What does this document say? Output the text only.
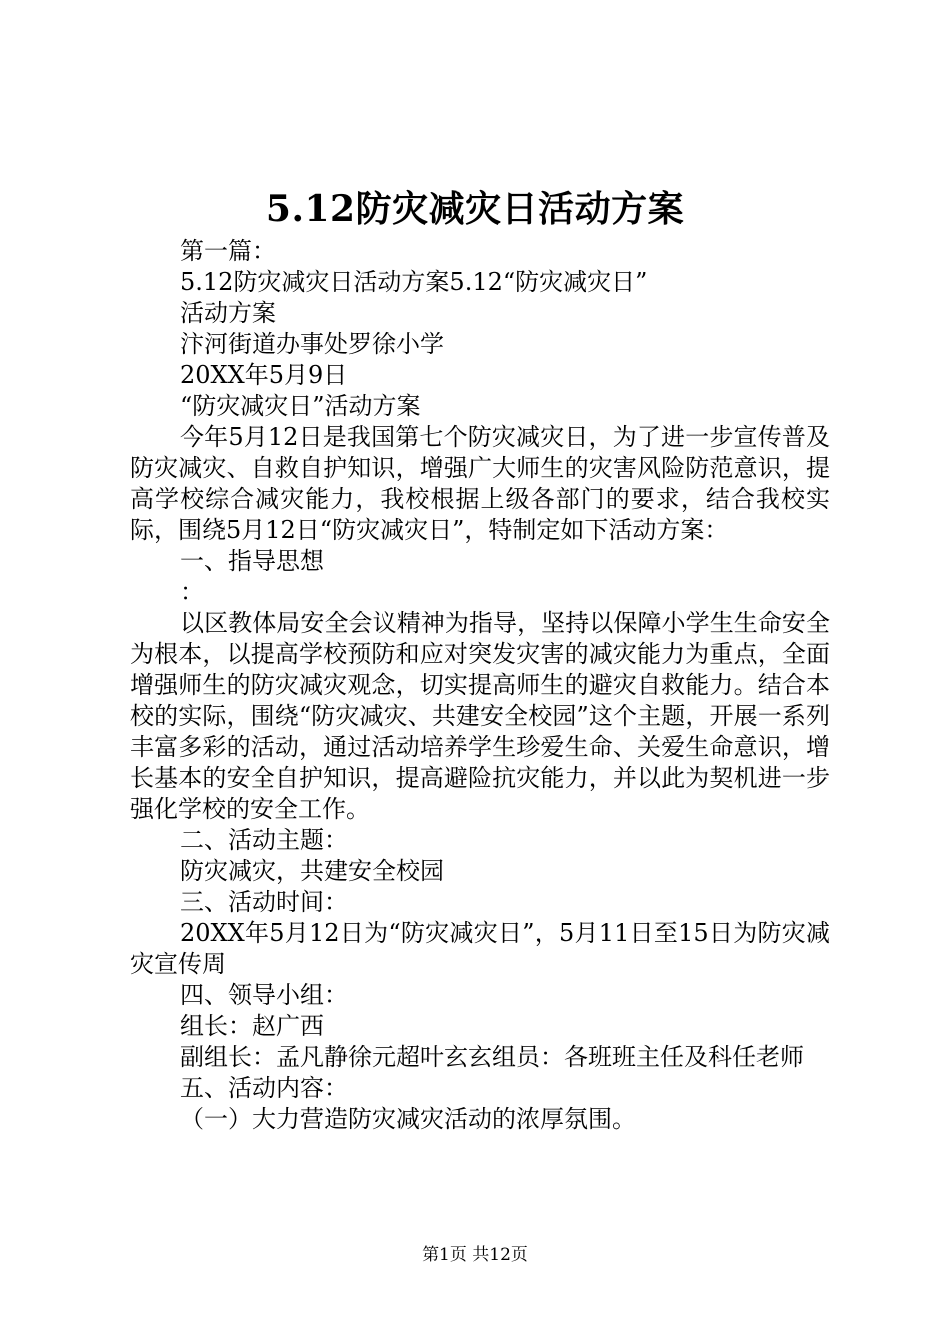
5.12防灾减灾日活动方案

第一篇：

5.12防灾减灾日活动方案5.12“防灾减灾日”

活动方案

汴河街道办事处罗徐小学

20XX年5月9日

“防灾减灾日”活动方案

今年5月12日是我国第七个防灾减灾日，为了进一步宣传普及防灾减灾、自救自护知识，增强广大师生的灾害风险防范意识，提高学校综合减灾能力，我校根据上级各部门的要求，结合我校实际，围绕5月12日“防灾减灾日”，特制定如下活动方案：

一、指导思想

：

以区教体局安全会议精神为指导，坚持以保障小学生生命安全为根本，以提高学校预防和应对突发灾害的减灾能力为重点，全面增强师生的防灾减灾观念，切实提高师生的避灾自救能力。结合本校的实际，围绕“防灾减灾、共建安全校园”这个主题，开展一系列丰富多彩的活动，通过活动培养学生珍爱生命、关爱生命意识，增长基本的安全自护知识，提高避险抗灾能力，并以此为契机进一步强化学校的安全工作。

二、活动主题：

防灾减灾，共建安全校园

三、活动时间：

20XX年5月12日为“防灾减灾日”，5月11日至15日为防灾减灾宣传周

四、领导小组：

组长：赵广西

副组长：孟凡静徐元超叶玄玄组员：各班班主任及科任老师

五、活动内容：

（一）大力营造防灾减灾活动的浓厚氛围。

第1页 共12页
